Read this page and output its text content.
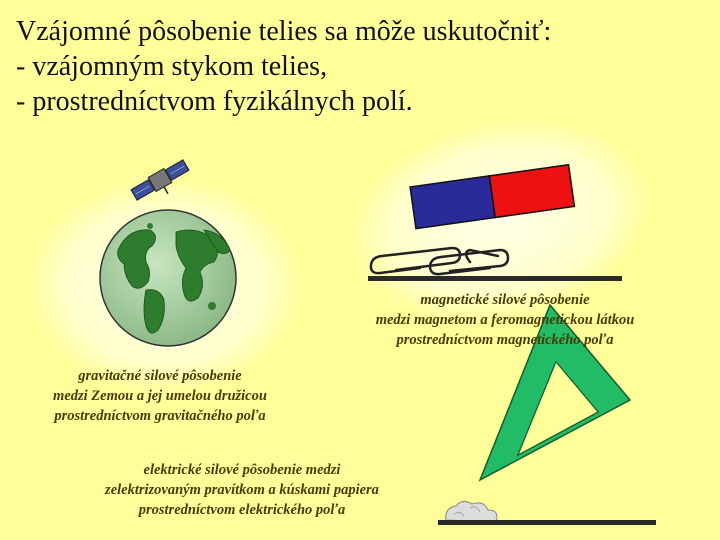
Vzájomné pôsobenie telies sa môže uskutočniť:
- vzájomným stykom telies,
- prostredníctvom fyzikálnych polí.
magnetické silové pôsobenie
medzi magnetom a feromagnetickou látkou
prostredníctvom magnetického poľa
gravitačné silové pôsobenie
medzi Zemou a jej umelou družicou
prostredníctvom gravitačného poľa
elektrické silové pôsobenie medzi
zelektrizovaným pravítkom a kúskami papiera
prostredníctvom elektrického poľa
